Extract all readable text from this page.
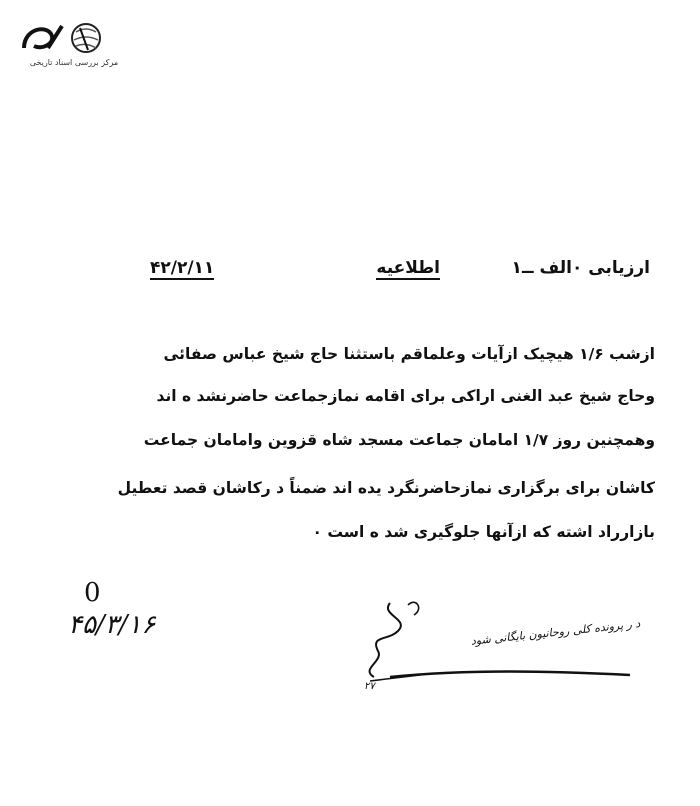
مرکز بررسی اسناد تاریخی
ارزیابی ۰الف ــ۱
اطلاعیه
۴۲/۲/۱۱
ازشب ۱/۶ هیچیک ازآیات وعلماقم باستثنا حاج شیخ عباس صفائی
وحاج شیخ عبد الغنی اراکی برای اقامه نمازجماعت حاضرنشد ه اند
وهمچنین روز ۱/۷ امامان جماعت مسجد شاه قزوین وامامان جماعت
کاشان برای برگزاری نمازحاضرنگرد یده اند ضمناً د رکاشان قصد تعطیل
بازارراد اشته که ازآنها جلوگیری شد ه است ۰
0
۴۵/۳/۱۶	د ر پرونده کلی روحانیون بایگانی شود
۲۷
